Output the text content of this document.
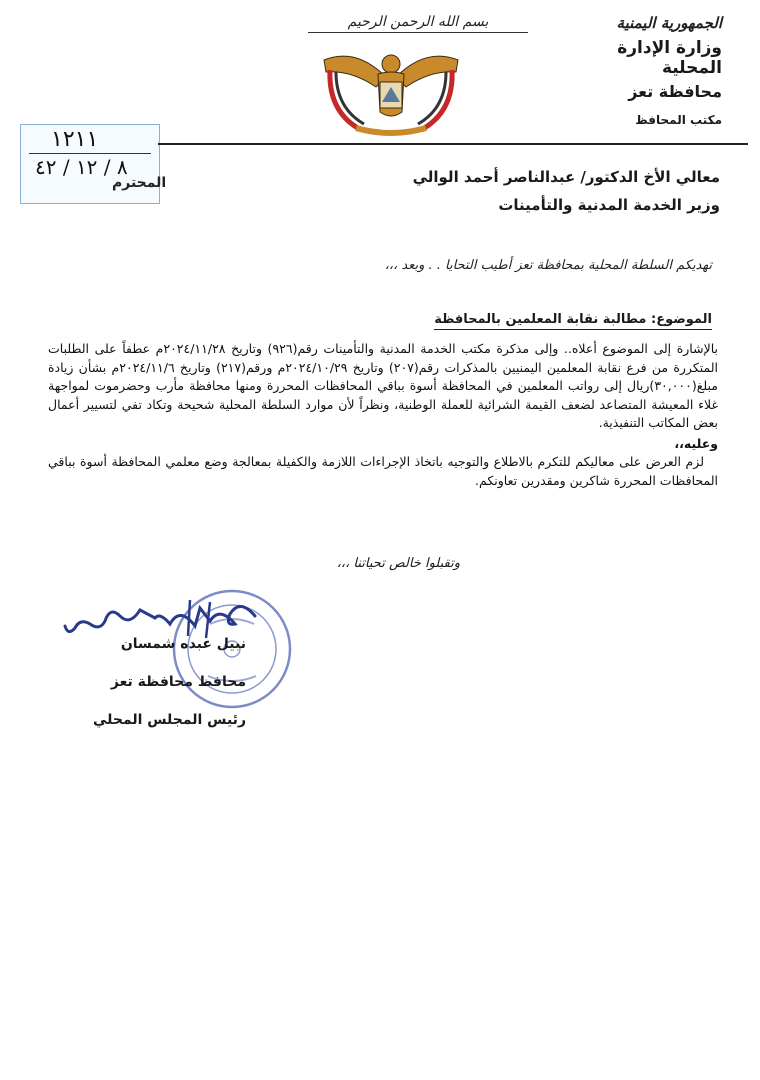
الجمهورية اليمنية
وزارة الإدارة المحلية
محافظة تعز
مكتب المحافظ
بسم الله الرحمن الرحيم
١٢١١
٨ / ١٢ / ٤٢
المحترم	معالي الأخ الدكتور/ عبدالناصر أحمد الوالي
وزير الخدمة المدنية والتأمينات
تهديكم السلطة المحلية بمحافظة تعز أطيب التحايا . . وبعد ،،،
الموضوع: مطالبة نقابة المعلمين بالمحافظة

بالإشارة إلى الموضوع أعلاه.. وإلى مذكرة مكتب الخدمة المدنية والتأمينات رقم(٩٢٦) وتاريخ ٢٠٢٤/١١/٢٨م عطفاً على الطلبات المتكررة من فرع نقابة المعلمين اليمنيين بالمذكرات رقم(٢٠٧) وتاريخ ٢٠٢٤/١٠/٢٩م ورقم(٢١٧) وتاريخ ٢٠٢٤/١١/٦م بشأن زيادة مبلغ(٣٠,٠٠٠)ريال إلى رواتب المعلمين في المحافظة أسوة بباقي المحافظات المحررة ومنها محافظة مأرب وحضرموت لمواجهة غلاء المعيشة المتصاعد لضعف القيمة الشرائية للعملة الوطنية، ونظراً لأن موارد السلطة المحلية شحيحة وتكاد تفي لتسيير أعمال بعض المكاتب التنفيذية.

وعليه،،

لزم العرض على معاليكم للتكرم بالاطلاع والتوجيه باتخاذ الإجراءات اللازمة والكفيلة بمعالجة وضع معلمي المحافظة أسوة بباقي المحافظات المحررة شاكرين ومقدرين تعاونكم.

وتقبلوا خالص تحياتنا ،،،
نبيل عبده شمسان
محافظ محافظة تعز
رئيس المجلس المحلي
